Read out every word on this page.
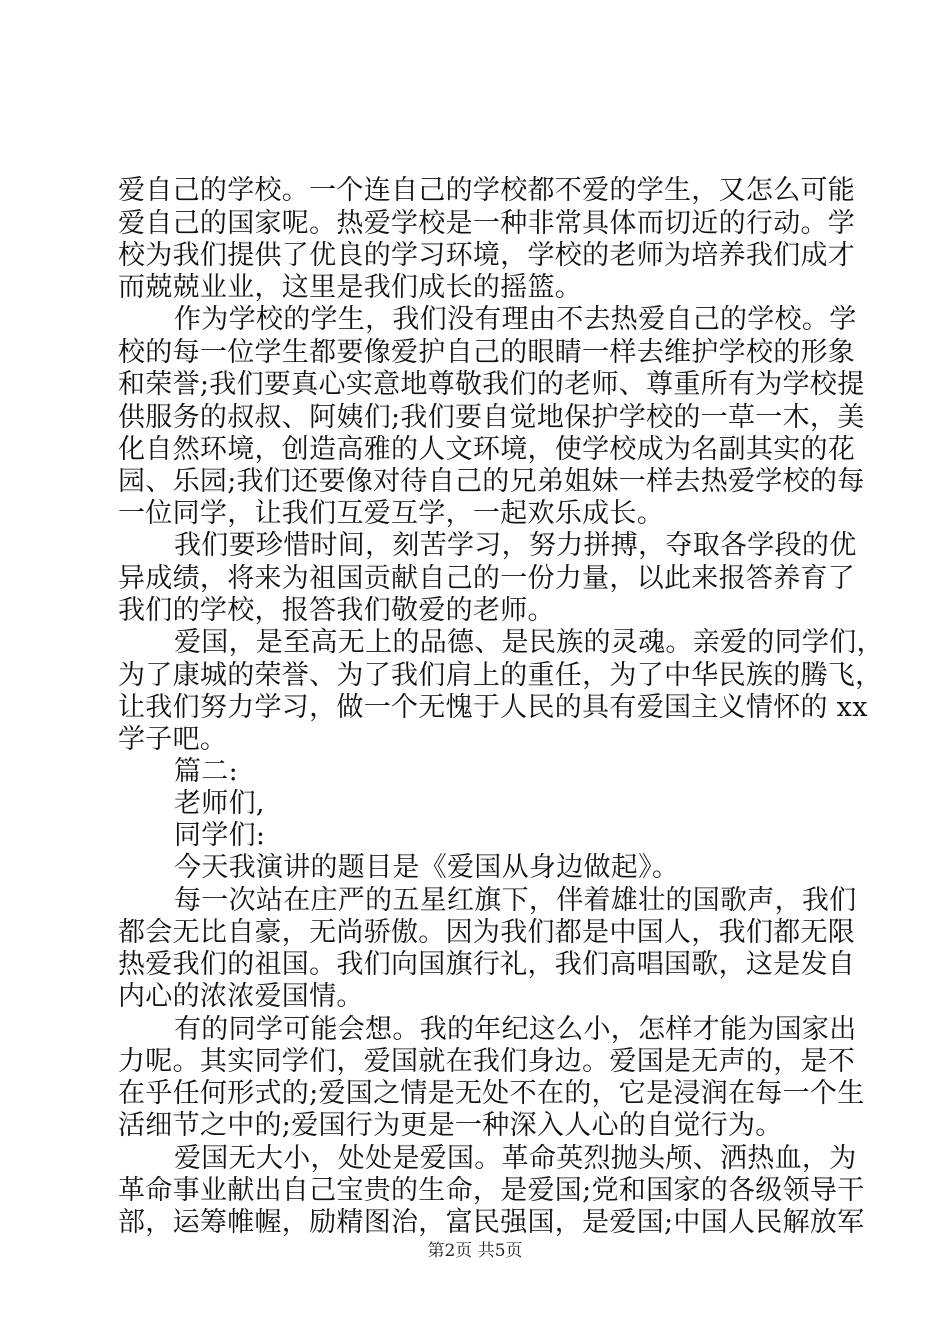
爱自己的学校。一个连自己的学校都不爱的学生，又怎么可能
爱自己的国家呢。热爱学校是一种非常具体而切近的行动。学
校为我们提供了优良的学习环境，学校的老师为培养我们成才
而兢兢业业，这里是我们成长的摇篮。
作为学校的学生，我们没有理由不去热爱自己的学校。学
校的每一位学生都要像爱护自己的眼睛一样去维护学校的形象
和荣誉;我们要真心实意地尊敬我们的老师、尊重所有为学校提
供服务的叔叔、阿姨们;我们要自觉地保护学校的一草一木，美
化自然环境，创造高雅的人文环境，使学校成为名副其实的花
园、乐园;我们还要像对待自己的兄弟姐妹一样去热爱学校的每
一位同学，让我们互爱互学，一起欢乐成长。
我们要珍惜时间，刻苦学习，努力拼搏，夺取各学段的优
异成绩，将来为祖国贡献自己的一份力量，以此来报答养育了
我们的学校，报答我们敬爱的老师。
爱国，是至高无上的品德、是民族的灵魂。亲爱的同学们，
为了康城的荣誉、为了我们肩上的重任，为了中华民族的腾飞，
让我们努力学习，做一个无愧于人民的具有爱国主义情怀的 xx
学子吧。
篇二:
老师们,
同学们:
今天我演讲的题目是《爱国从身边做起》。
每一次站在庄严的五星红旗下，伴着雄壮的国歌声，我们
都会无比自豪，无尚骄傲。因为我们都是中国人，我们都无限
热爱我们的祖国。我们向国旗行礼，我们高唱国歌，这是发自
内心的浓浓爱国情。
有的同学可能会想。我的年纪这么小，怎样才能为国家出
力呢。其实同学们，爱国就在我们身边。爱国是无声的，是不
在乎任何形式的;爱国之情是无处不在的，它是浸润在每一个生
活细节之中的;爱国行为更是一种深入人心的自觉行为。
爱国无大小，处处是爱国。革命英烈抛头颅、洒热血，为
革命事业献出自己宝贵的生命，是爱国;党和国家的各级领导干
部，运筹帷幄，励精图治，富民强国，是爱国;中国人民解放军
第2页 共5页
